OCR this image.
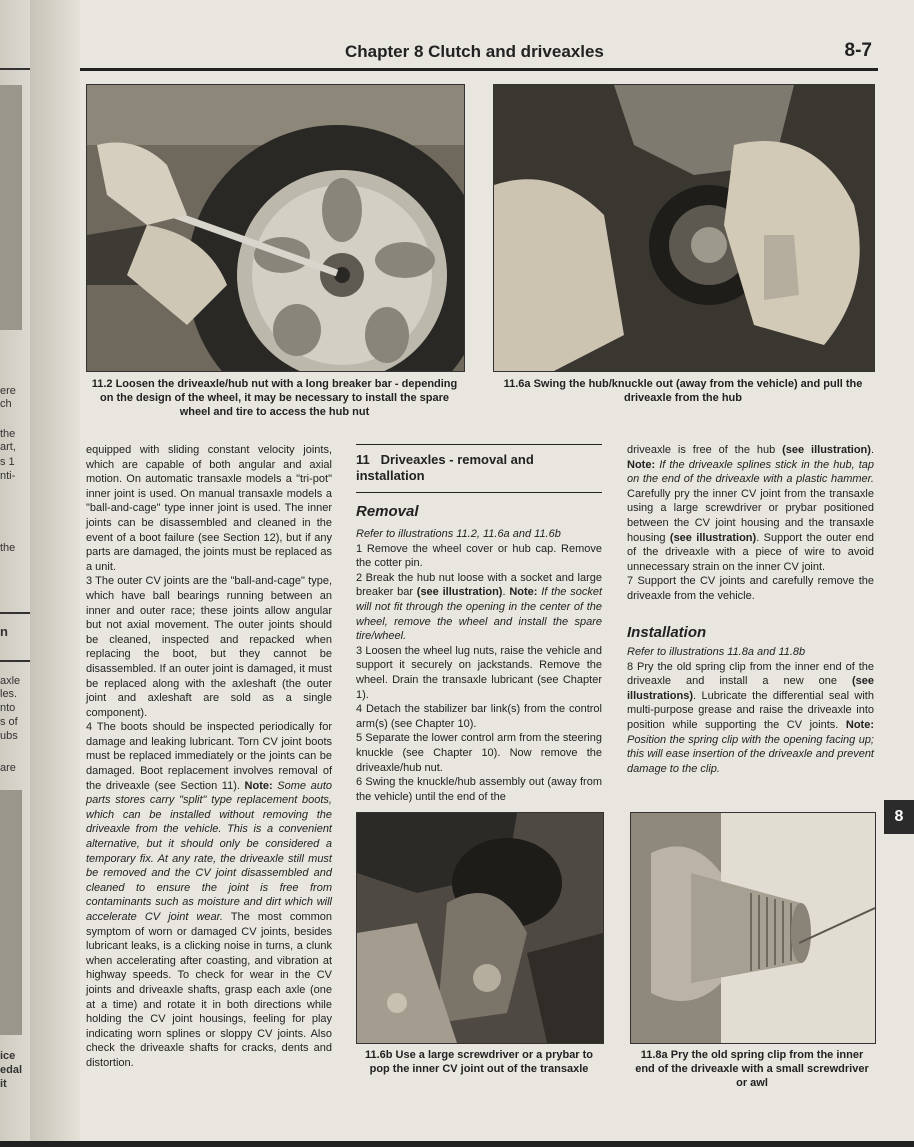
ere
ch
the
art,
s 1
nti-
the
n
axle
les.
nto
s of
ubs
are
ice
edal
it
Chapter 8 Clutch and driveaxles	8-7
11.2 Loosen the driveaxle/hub nut with a long breaker bar - depending on the design of the wheel, it may be necessary to install the spare wheel and tire to access the hub nut
11.6a Swing the hub/knuckle out (away from the vehicle) and pull the driveaxle from the hub

equipped with sliding constant velocity joints, which are capable of both angular and axial motion. On automatic transaxle models a "tri-pot" inner joint is used. On manual transaxle models a "ball-and-cage" type inner joint is used. The inner joints can be disassembled and cleaned in the event of a boot failure (see Section 12), but if any parts are damaged, the joints must be replaced as a unit.

3 The outer CV joints are the "ball-and-cage" type, which have ball bearings running between an inner and outer race; these joints allow angular but not axial movement. The outer joints should be cleaned, inspected and repacked when replacing the boot, but they cannot be disassembled. If an outer joint is damaged, it must be replaced along with the axleshaft (the outer joint and axleshaft are sold as a single component).

4 The boots should be inspected periodically for damage and leaking lubricant. Torn CV joint boots must be replaced immediately or the joints can be damaged. Boot replacement involves removal of the driveaxle (see Section 11). Note: Some auto parts stores carry "split" type replacement boots, which can be installed without removing the driveaxle from the vehicle. This is a convenient alternative, but it should only be considered a temporary fix. At any rate, the driveaxle still must be removed and the CV joint disassembled and cleaned to ensure the joint is free from contaminants such as moisture and dirt which will accelerate CV joint wear. The most common symptom of worn or damaged CV joints, besides lubricant leaks, is a clicking noise in turns, a clunk when accelerating after coasting, and vibration at highway speeds. To check for wear in the CV joints and driveaxle shafts, grasp each axle (one at a time) and rotate it in both directions while holding the CV joint housings, feeling for play indicating worn splines or sloppy CV joints. Also check the driveaxle shafts for cracks, dents and distortion.

11 Driveaxles - removal and installation
Removal

Refer to illustrations 11.2, 11.6a and 11.6b

1 Remove the wheel cover or hub cap. Remove the cotter pin.

2 Break the hub nut loose with a socket and large breaker bar (see illustration). Note: If the socket will not fit through the opening in the center of the wheel, remove the wheel and install the spare tire/wheel.

3 Loosen the wheel lug nuts, raise the vehicle and support it securely on jackstands. Remove the wheel. Drain the transaxle lubricant (see Chapter 1).

4 Detach the stabilizer bar link(s) from the control arm(s) (see Chapter 10).

5 Separate the lower control arm from the steering knuckle (see Chapter 10). Now remove the driveaxle/hub nut.

6 Swing the knuckle/hub assembly out (away from the vehicle) until the end of the

driveaxle is free of the hub (see illustration). Note: If the driveaxle splines stick in the hub, tap on the end of the driveaxle with a plastic hammer. Carefully pry the inner CV joint from the transaxle using a large screwdriver or prybar positioned between the CV joint housing and the transaxle housing (see illustration). Support the outer end of the driveaxle with a piece of wire to avoid unnecessary strain on the inner CV joint.

7 Support the CV joints and carefully remove the driveaxle from the vehicle.

Installation

Refer to illustrations 11.8a and 11.8b

8 Pry the old spring clip from the inner end of the driveaxle and install a new one (see illustrations). Lubricate the differential seal with multi-purpose grease and raise the driveaxle into position while supporting the CV joints. Note: Position the spring clip with the opening facing up; this will ease insertion of the driveaxle and prevent damage to the clip.

11.6b Use a large screwdriver or a prybar to pop the inner CV joint out of the transaxle
11.8a Pry the old spring clip from the inner end of the driveaxle with a small screwdriver or awl
8
